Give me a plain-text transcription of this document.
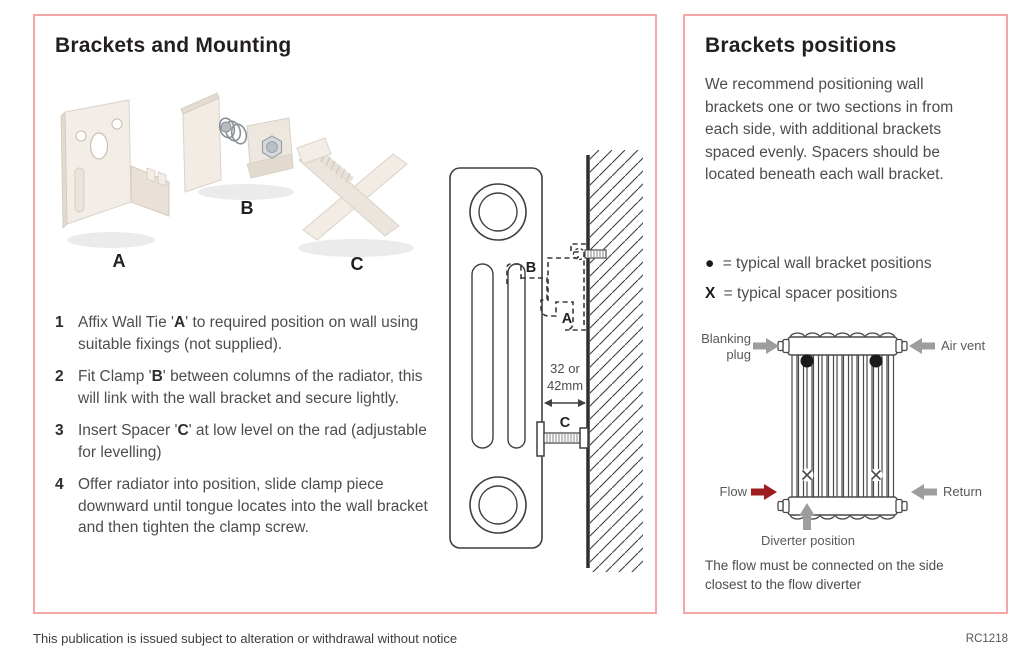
Brackets and Mounting
A
B
C
1 Affix Wall Tie 'A' to required position on wall using suitable fixings (not supplied).
2 Fit Clamp 'B' between columns of the radiator, this will link with the wall bracket and secure lightly.
3 Insert Spacer 'C' at low level on the rad (adjustable for levelling)
4 Offer radiator into position, slide clamp piece downward until tongue locates into the wall bracket and then tighten the clamp screw.
B
A
32 or
42mm
C
Brackets positions
We recommend positioning wall brackets one or two sections in from each side, with additional brackets spaced evenly. Spacers should be located beneath each wall bracket.
● = typical wall bracket positions
X = typical spacer positions
Blanking plug
Air vent
Flow	Return
Diverter position
The flow must be connected on the side closest to the flow diverter
This publication is issued subject to alteration or withdrawal without notice	RC1218
